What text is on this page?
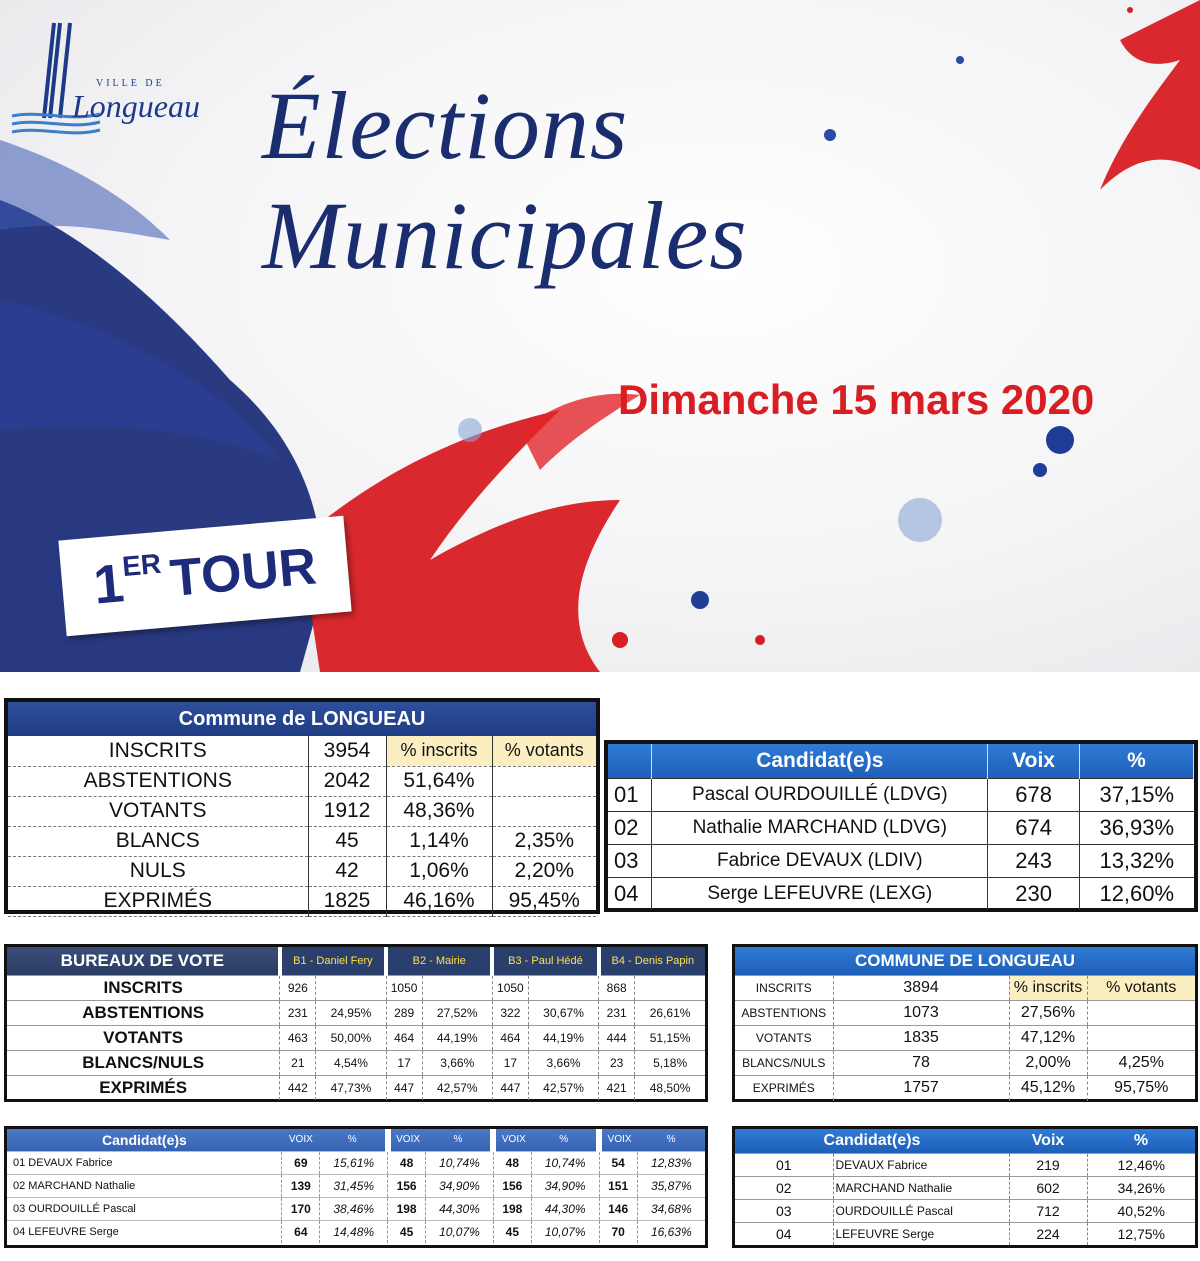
VILLE DE
Longueau Élections
Municipales
Dimanche 15 mars 2020
1
ER TOUR
Commune de LONGUEAU
INSCRITS	3954	% inscrits	% votants
ABSTENTIONS	2042	51,64%	
VOTANTS	1912	48,36%	
BLANCS	45	1,14%	2,35%
NULS	42	1,06%	2,20%
EXPRIMÉS	1825	46,16%	95,45%
	Candidat(e)s	Voix	%
01	Pascal OURDOUILLÉ (LDVG)	678	37,15%
02	Nathalie MARCHAND (LDVG)	674	36,93%
03	Fabrice DEVAUX (LDIV)	243	13,32%
04	Serge LEFEUVRE (LEXG)	230	12,60%
BUREAUX DE VOTE	B1 - Daniel Fery		B2 - Mairie		B3 - Paul Hédé		B4 - Denis Papin	
INSCRITS	926		1050		1050		868	
ABSTENTIONS	231	24,95%	289	27,52%	322	30,67%	231	26,61%
VOTANTS	463	50,00%	464	44,19%	464	44,19%	444	51,15%
BLANCS/NULS	21	4,54%	17	3,66%	17	3,66%	23	5,18%
EXPRIMÉS	442	47,73%	447	42,57%	447	42,57%	421	48,50%
COMMUNE DE LONGUEAU
INSCRITS	3894	% inscrits	% votants
ABSTENTIONS	1073	27,56%	
VOTANTS	1835	47,12%	
BLANCS/NULS	78	2,00%	4,25%
EXPRIMÉS	1757	45,12%	95,75%
Candidat(e)s	VOIX	%	VOIX	%	VOIX	%	VOIX	%
01 DEVAUX Fabrice	69	15,61%	48	10,74%	48	10,74%	54	12,83%
02 MARCHAND Nathalie	139	31,45%	156	34,90%	156	34,90%	151	35,87%
03 OURDOUILLÉ Pascal	170	38,46%	198	44,30%	198	44,30%	146	34,68%
04 LEFEUVRE Serge	64	14,48%	45	10,07%	45	10,07%	70	16,63%
Candidat(e)s		Voix	%
01	DEVAUX Fabrice	219	12,46%
02	MARCHAND Nathalie	602	34,26%
03	OURDOUILLÉ Pascal	712	40,52%
04	LEFEUVRE Serge	224	12,75%
